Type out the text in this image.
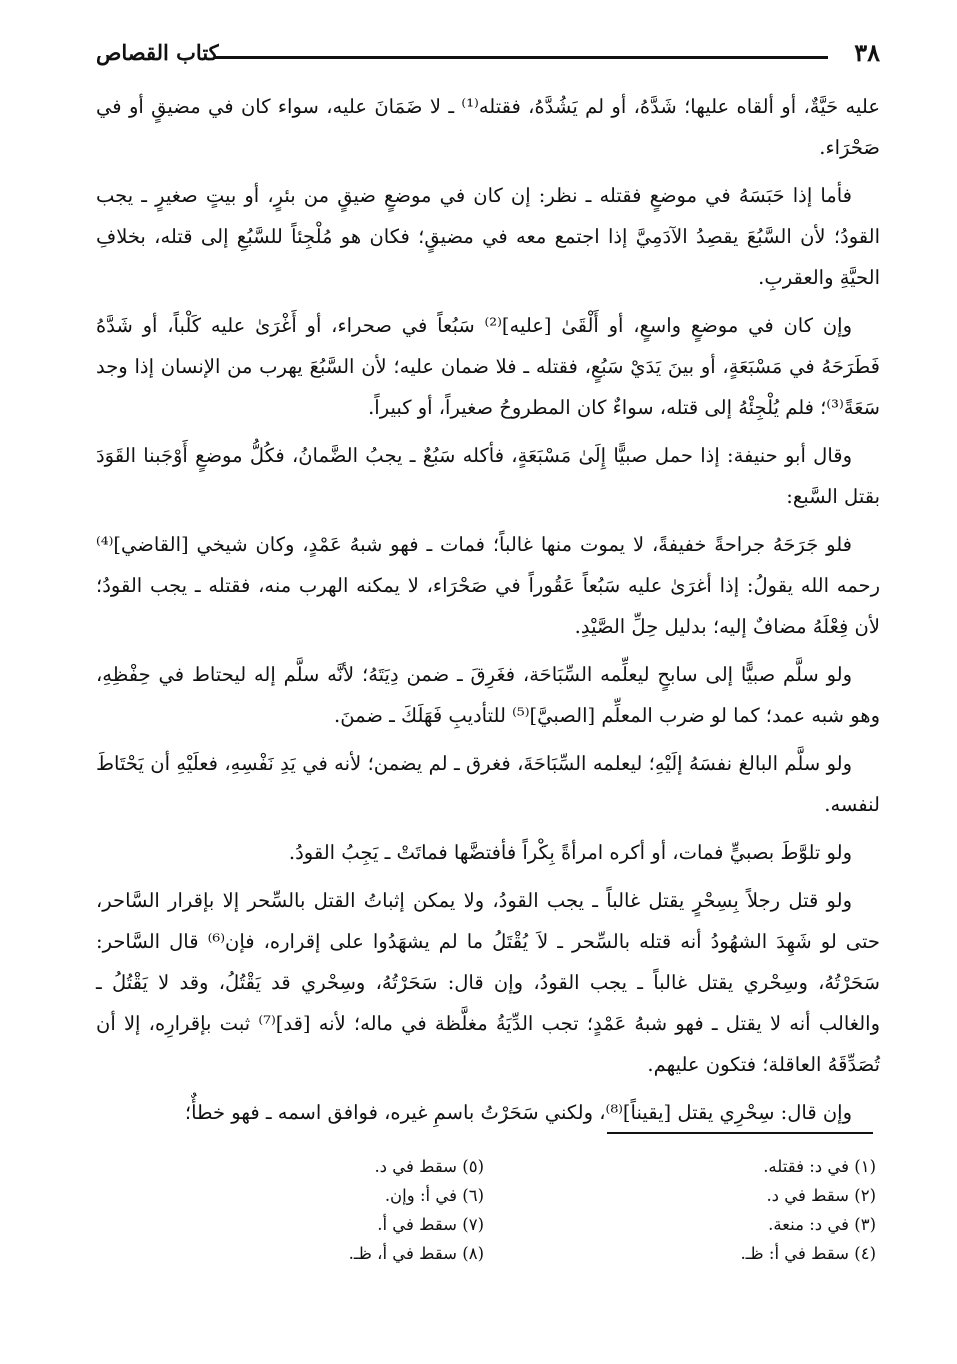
٣٨
كتاب القصاص

عليه حَيَّةٌ، أو ألقاه عليها؛ شَدَّهُ، أو لم يَشُدَّهُ، فقتله⁽¹⁾ ـ لا ضَمَانَ عليه، سواء كان في مضيقٍ أو في صَحْرَاء.

فأما إذا حَبَسَهُ في موضعٍ فقتله ـ نظر: إن كان في موضعٍ ضيقٍ من بئرٍ، أو بيتٍ صغيرٍ ـ يجب القودُ؛ لأن السَّبُعَ يقصِدُ الآدَمِيَّ إذا اجتمع معه في مضيقٍ؛ فكان هو مُلْجِئاً للسَّبُعِ إلى قتله، بخلافِ الحيَّةِ والعقربِ.

وإن كان في موضعٍ واسعٍ، أو أَلْقَىٰ [عليه]⁽²⁾ سَبُعاً في صحراء، أو أَغْرَىٰ عليه كَلْباً، أو شَدَّهُ فَطَرَحَهُ في مَسْبَعَةٍ، أو بينَ يَدَيْ سَبُعٍ، فقتله ـ فلا ضمان عليه؛ لأن السَّبُعَ يهرب من الإنسان إذا وجد سَعَةً⁽³⁾؛ فلم يُلْجِئْهُ إلى قتله، سواءٌ كان المطروحُ صغيراً، أو كبيراً.

وقال أبو حنيفة: إذا حمل صبيًّا إِلَىٰ مَسْبَعَةٍ، فأكله سَبُعٌ ـ يجبُ الضَّمانُ، فكُلُّ موضعٍ أَوْجَبنا القَوَدَ بقتل السَّبع:

فلو جَرَحَهُ جراحةً خفيفةً، لا يموت منها غالباً؛ فمات ـ فهو شبهُ عَمْدٍ، وكان شيخي [القاضي]⁽⁴⁾ رحمه الله يقولُ: إذا أغرَىٰ عليه سَبُعاً عَقُوراً في صَحْرَاء، لا يمكنه الهرب منه، فقتله ـ يجب القودُ؛ لأن فِعْلَهُ مضافٌ إليه؛ بدليل حِلِّ الصَّيْدِ.

ولو سلَّم صبيًّا إلى سابحٍ ليعلِّمه السِّبَاحَة، فغَرِقَ ـ ضمن دِيَتَهُ؛ لأنَّه سلَّم إله ليحتاط في حِفْظِهِ، وهو شبه عمد؛ كما لو ضرب المعلِّم [الصبيَّ]⁽⁵⁾ للتأديبِ فَهَلَكَ ـ ضمنَ.

ولو سلَّم البالغ نفسَهُ إلَيْهِ؛ ليعلمه السِّبَاحَةَ، فغرق ـ لم يضمن؛ لأنه في يَدِ نَفْسِهِ، فعلَيْهِ أن يَحْتَاطَ لنفسه.

ولو تلوَّطَ بصبيٍّ فمات، أو أكره امرأةً بِكْراً فأفتضَّها فماتَتْ ـ يَجِبُ القودُ.

ولو قتل رجلاً بِسِحْرٍ يقتل غالباً ـ يجب القودُ، ولا يمكن إثباتُ القتل بالسِّحر إلا بإقرار السَّاحر، حتى لو شَهِدَ الشهُودُ أنه قتله بالسِّحر ـ لاَ يُقْتَلُ ما لم يشهَدُوا على إقراره، فإن⁽⁶⁾ قال السَّاحر: سَحَرْتُهُ، وسِحْري يقتل غالباً ـ يجب القودُ، وإن قال: سَحَرْتُهُ، وسِحْري قد يَقْتُلُ، وقد لا يَقْتُلُ ـ والغالب أنه لا يقتل ـ فهو شبهُ عَمْدٍ؛ تجب الدِّيَةُ مغلَّظة في ماله؛ لأنه [قد]⁽⁷⁾ ثبت بإقرارِه، إلا أن تُصَدِّقَهُ العاقلة؛ فتكون عليهم.

وإن قال: سِحْرِي يقتل [يقيناً]⁽⁸⁾، ولكني سَحَرْتُ باسمِ غيره، فوافق اسمه ـ فهو خطأٌ؛

(١) في د: فقتله.
(٢) سقط في د.
(٣) في د: منعة.
(٤) سقط في أ: ظـ.
(٥) سقط في د.
(٦) في أ: وإن.
(٧) سقط في أ.
(٨) سقط في أ، ظـ.
